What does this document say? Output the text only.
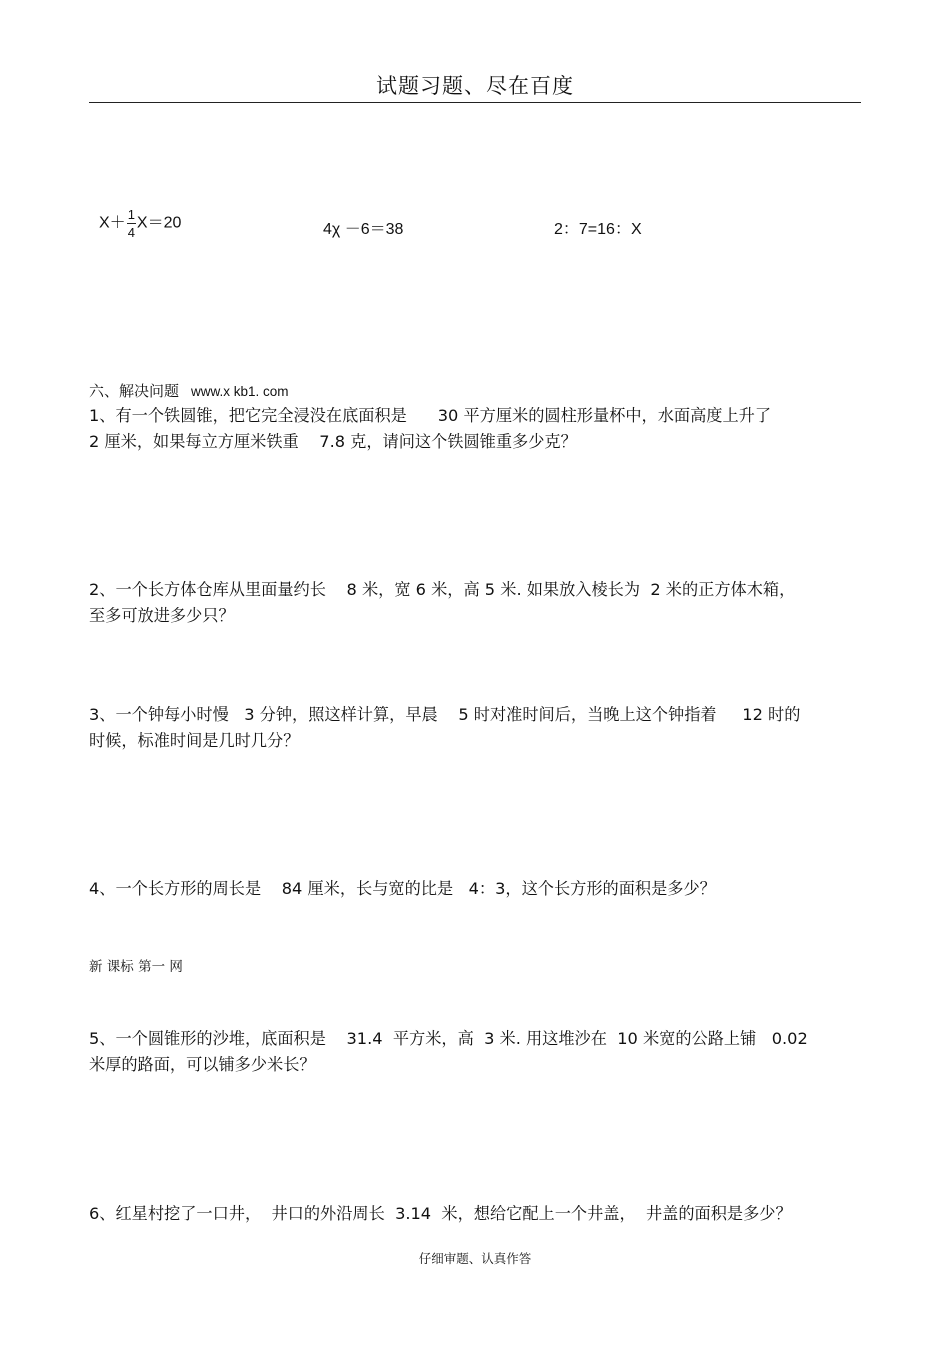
试题习题、尽在百度
$X+ \frac{1}{4} X=20$	4χ －6＝38	2：7=16：X
六、解决问题 www.x kb1. com
1、有一个铁圆锥，把它完全浸没在底面积是      30 平方厘米的圆柱形量杯中，水面高度上升了
2 厘米，如果每立方厘米铁重    7.8 克，请问这个铁圆锥重多少克？
2、一个长方体仓库从里面量约长    8 米，宽 6 米，高 5 米. 如果放入棱长为  2 米的正方体木箱，
至多可放进多少只？
3、一个钟每小时慢   3 分钟，照这样计算，早晨    5 时对准时间后，当晚上这个钟指着     12 时的
时候，标准时间是几时几分？
4、一个长方形的周长是    84 厘米，长与宽的比是   4：3，这个长方形的面积是多少？
新 课标 第一 网
5、一个圆锥形的沙堆，底面积是    31.4  平方米，高  3 米. 用这堆沙在  10 米宽的公路上铺   0.02
米厚的路面，可以铺多少米长？
6、红星村挖了一口井，  井口的外沿周长  3.14  米，想给它配上一个井盖，  井盖的面积是多少？
仔细审题、认真作答
